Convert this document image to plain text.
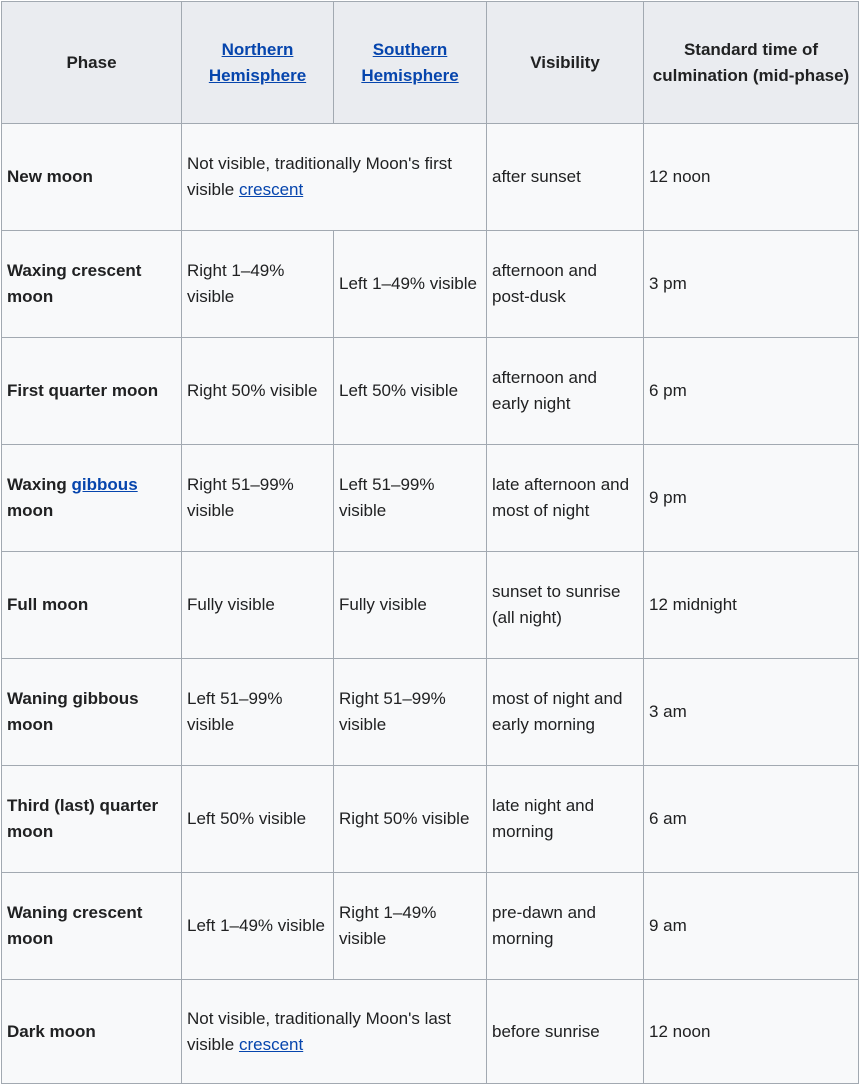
Phase	Northern Hemisphere	Southern Hemisphere	Visibility	Standard time of culmination (mid-phase)
New moon	Not visible, traditionally Moon's first visible crescent		after sunset	12 noon
Waxing crescent moon	Right 1–49% visible	Left 1–49% visible	afternoon and post-dusk	3 pm
First quarter moon	Right 50% visible	Left 50% visible	afternoon and early night	6 pm
Waxing gibbous moon	Right 51–99% visible	Left 51–99% visible	late afternoon and most of night	9 pm
Full moon	Fully visible	Fully visible	sunset to sunrise (all night)	12 midnight
Waning gibbous moon	Left 51–99% visible	Right 51–99% visible	most of night and early morning	3 am
Third (last) quarter moon	Left 50% visible	Right 50% visible	late night and morning	6 am
Waning crescent moon	Left 1–49% visible	Right 1–49% visible	pre-dawn and morning	9 am
Dark moon	Not visible, traditionally Moon's last visible crescent		before sunrise	12 noon
